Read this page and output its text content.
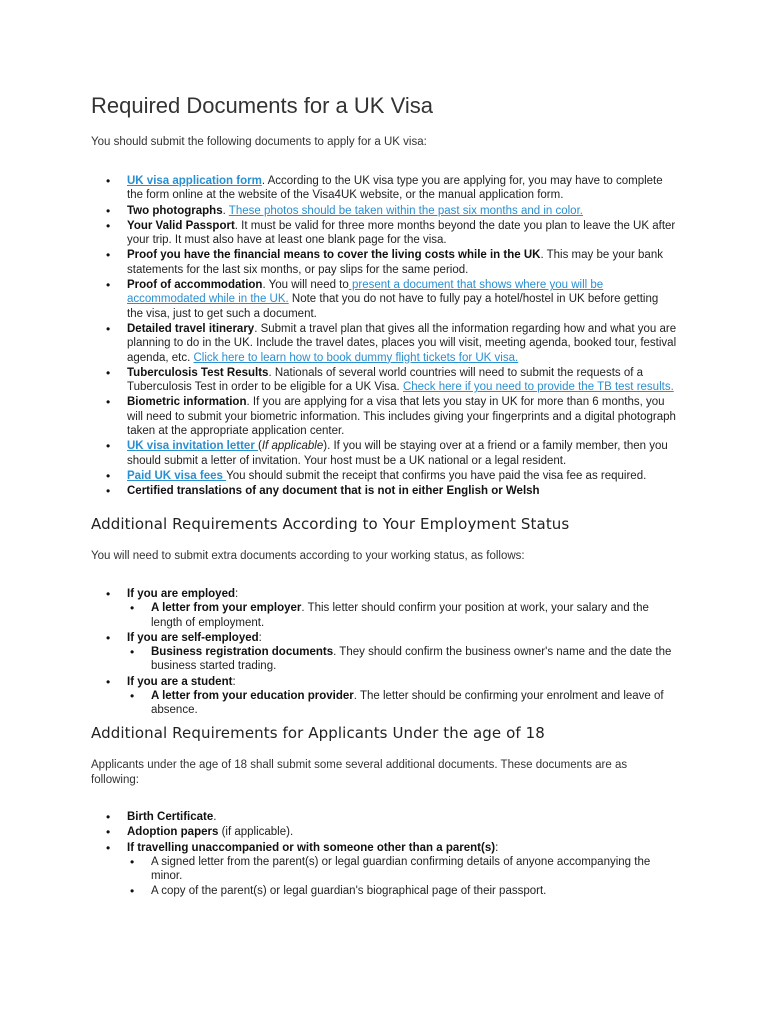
Required Documents for a UK Visa

You should submit the following documents to apply for a UK visa:

• UK visa application form. According to the UK visa type you are applying for, you may have to complete the form online at the website of the Visa4UK website, or the manual application form.
• Two photographs. These photos should be taken within the past six months and in color.
• Your Valid Passport. It must be valid for three more months beyond the date you plan to leave the UK after your trip. It must also have at least one blank page for the visa.
• Proof you have the financial means to cover the living costs while in the UK. This may be your bank statements for the last six months, or pay slips for the same period.
• Proof of accommodation. You will need to present a document that shows where you will be accommodated while in the UK. Note that you do not have to fully pay a hotel/hostel in UK before getting the visa, just to get such a document.
• Detailed travel itinerary. Submit a travel plan that gives all the information regarding how and what you are planning to do in the UK. Include the travel dates, places you will visit, meeting agenda, booked tour, festival agenda, etc. Click here to learn how to book dummy flight tickets for UK visa.
• Tuberculosis Test Results. Nationals of several world countries will need to submit the requests of a Tuberculosis Test in order to be eligible for a UK Visa. Check here if you need to provide the TB test results.
• Biometric information. If you are applying for a visa that lets you stay in UK for more than 6 months, you will need to submit your biometric information. This includes giving your fingerprints and a digital photograph taken at the appropriate application center.
• UK visa invitation letter (If applicable). If you will be staying over at a friend or a family member, then you should submit a letter of invitation. Your host must be a UK national or a legal resident.
• Paid UK visa fees You should submit the receipt that confirms you have paid the visa fee as required.
• Certified translations of any document that is not in either English or Welsh
Additional Requirements According to Your Employment Status

You will need to submit extra documents according to your working status, as follows:

• If you are employed:
• A letter from your employer. This letter should confirm your position at work, your salary and the length of employment.
• If you are self-employed:
• Business registration documents. They should confirm the business owner's name and the date the business started trading.
• If you are a student:
• A letter from your education provider. The letter should be confirming your enrolment and leave of absence.
Additional Requirements for Applicants Under the age of 18

Applicants under the age of 18 shall submit some several additional documents. These documents are as following:

• Birth Certificate.
• Adoption papers (if applicable).
• If travelling unaccompanied or with someone other than a parent(s):
• A signed letter from the parent(s) or legal guardian confirming details of anyone accompanying the minor.
• A copy of the parent(s) or legal guardian's biographical page of their passport.
